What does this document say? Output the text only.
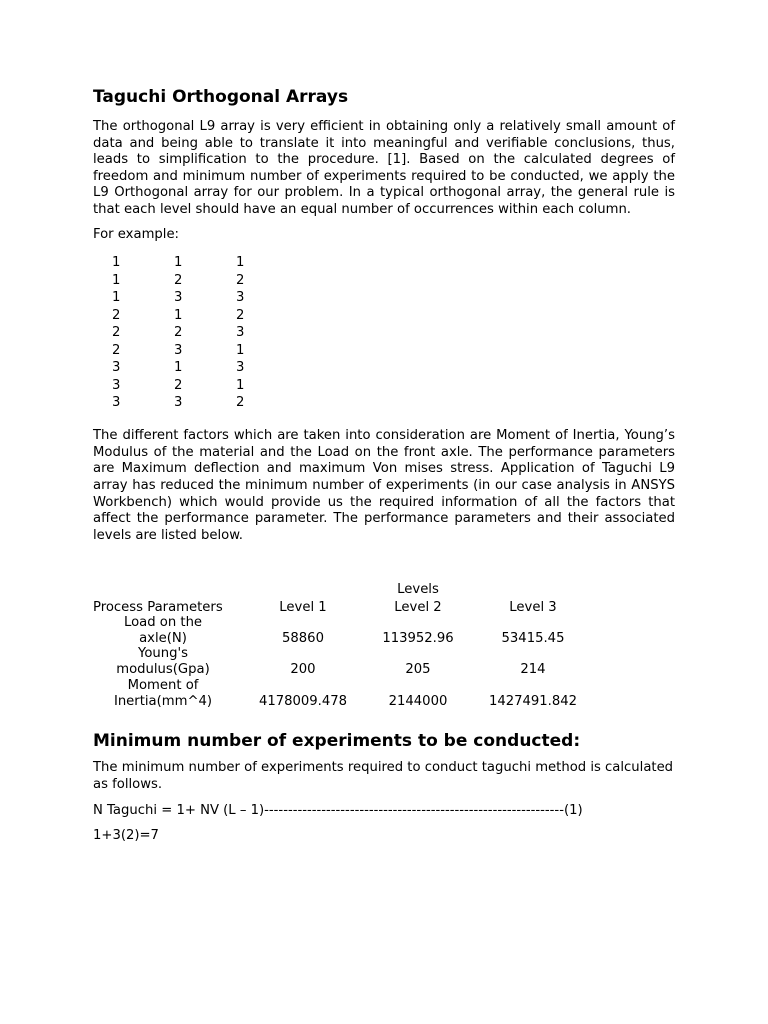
Taguchi Orthogonal Arrays

The orthogonal L9 array is very efficient in obtaining only a relatively small amount of data and being able to translate it into meaningful and verifiable conclusions, thus, leads to simplification to the procedure. [1]. Based on the calculated degrees of freedom and minimum number of experiments required to be conducted, we apply the L9 Orthogonal array for our problem. In a typical orthogonal array, the general rule is that each level should have an equal number of occurrences within each column.

For example:

1	1	1
1	2	2
1	3	3
2	1	2
2	2	3
2	3	1
3	1	3
3	2	1
3	3	2

The different factors which are taken into consideration are Moment of Inertia, Young’s Modulus of the material and the Load on the front axle. The performance parameters are Maximum deflection and maximum Von mises stress. Application of Taguchi L9 array has reduced the minimum number of experiments (in our case analysis in ANSYS Workbench) which would provide us the required information of all the factors that affect the performance parameter. The performance parameters and their associated levels are listed below.

Levels
Process Parameters	Level 1	Level 2	Level 3
Load on the
axle(N)	58860	113952.96	53415.45
Young's
modulus(Gpa)	200	205	214
Moment of
Inertia(mm^4)	4178009.478	2144000	1427491.842
Minimum number of experiments to be conducted:

The minimum number of experiments required to conduct taguchi method is calculated as follows.

N Taguchi = 1+ NV (L – 1)---------------------------------------------------------------(1)

1+3(2)=7
